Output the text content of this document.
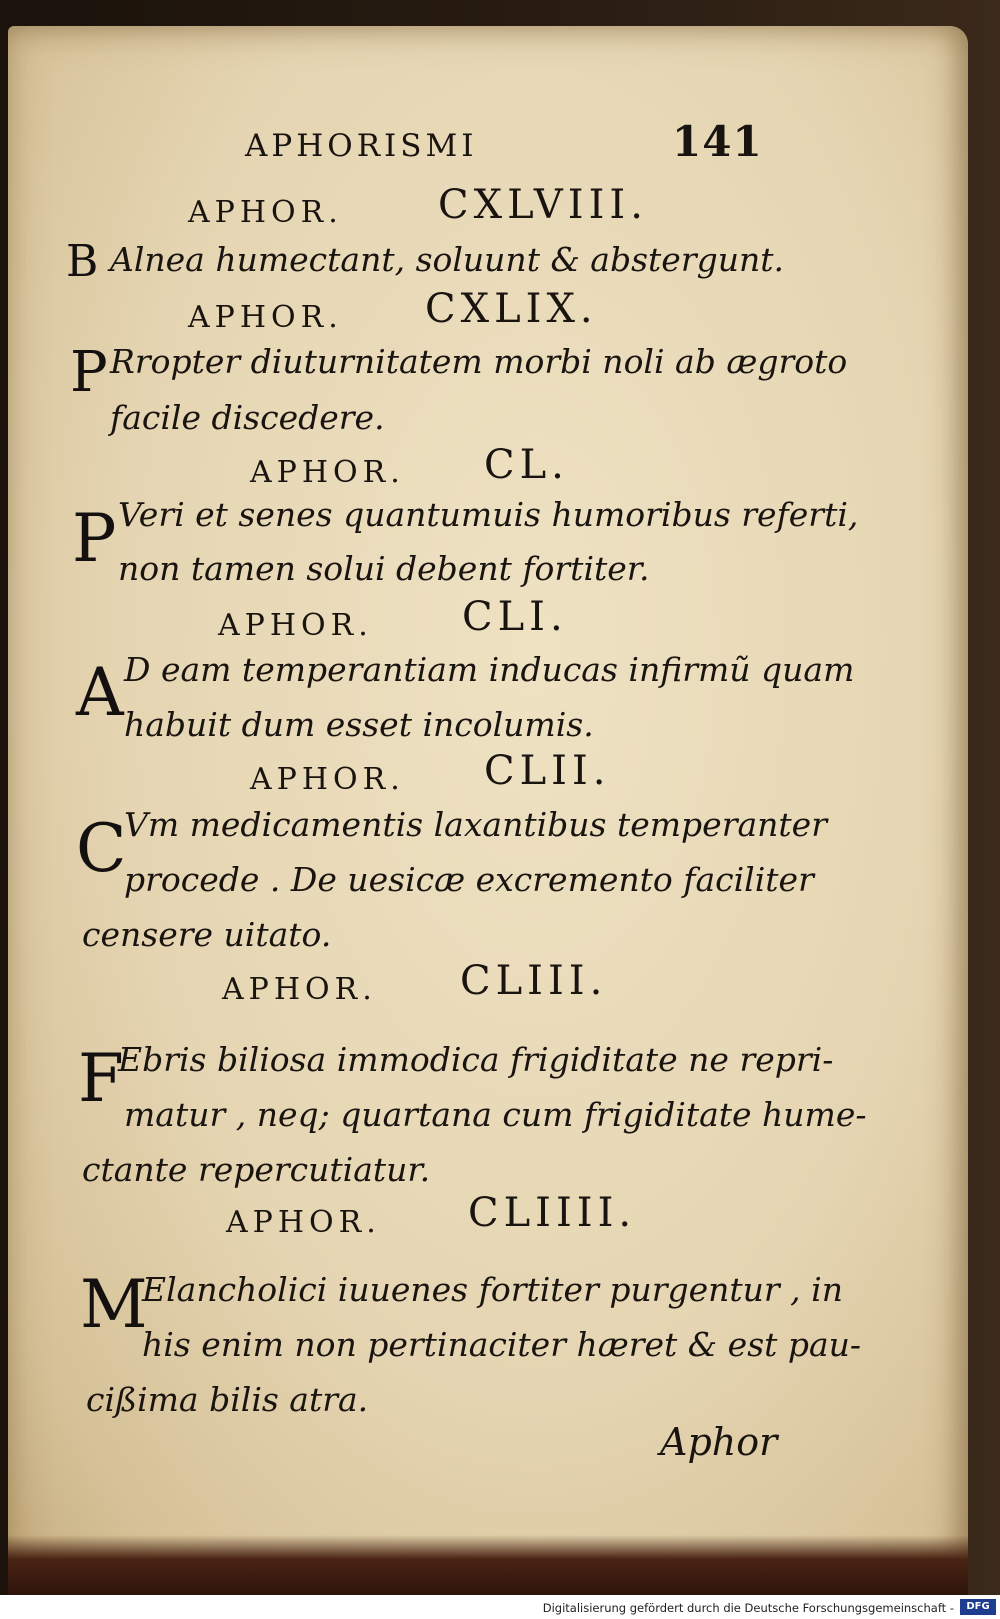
APHORISMI	141
APHOR. CXLVIII.
B Alnea humectant, soluunt & abstergunt.
APHOR. CXLIX.
P Rropter diuturnitatem morbi noli ab ægroto
facile discedere.
APHOR. CL.
P Veri et senes quantumuis humoribus referti,
non tamen solui debent fortiter.
APHOR. CLI.
A D eam temperantiam inducas infirmũ quam
habuit dum esset incolumis.
APHOR. CLII.
C
Vm medicamentis laxantibus temperanter
procede . De uesicæ excremento faciliter
censere uitato.
APHOR. CLIII.
F
Ebris biliosa immodica frigiditate ne repri-
matur , neq; quartana cum frigiditate hume-
ctante repercutiatur.
APHOR. CLIIII.
M
Elancholici iuuenes fortiter purgentur , in
his enim non pertinaciter hæret & est pau-
cißima bilis atra.
Aphor
Digitalisierung gefördert durch die Deutsche Forschungsgemeinschaft -	DFG
